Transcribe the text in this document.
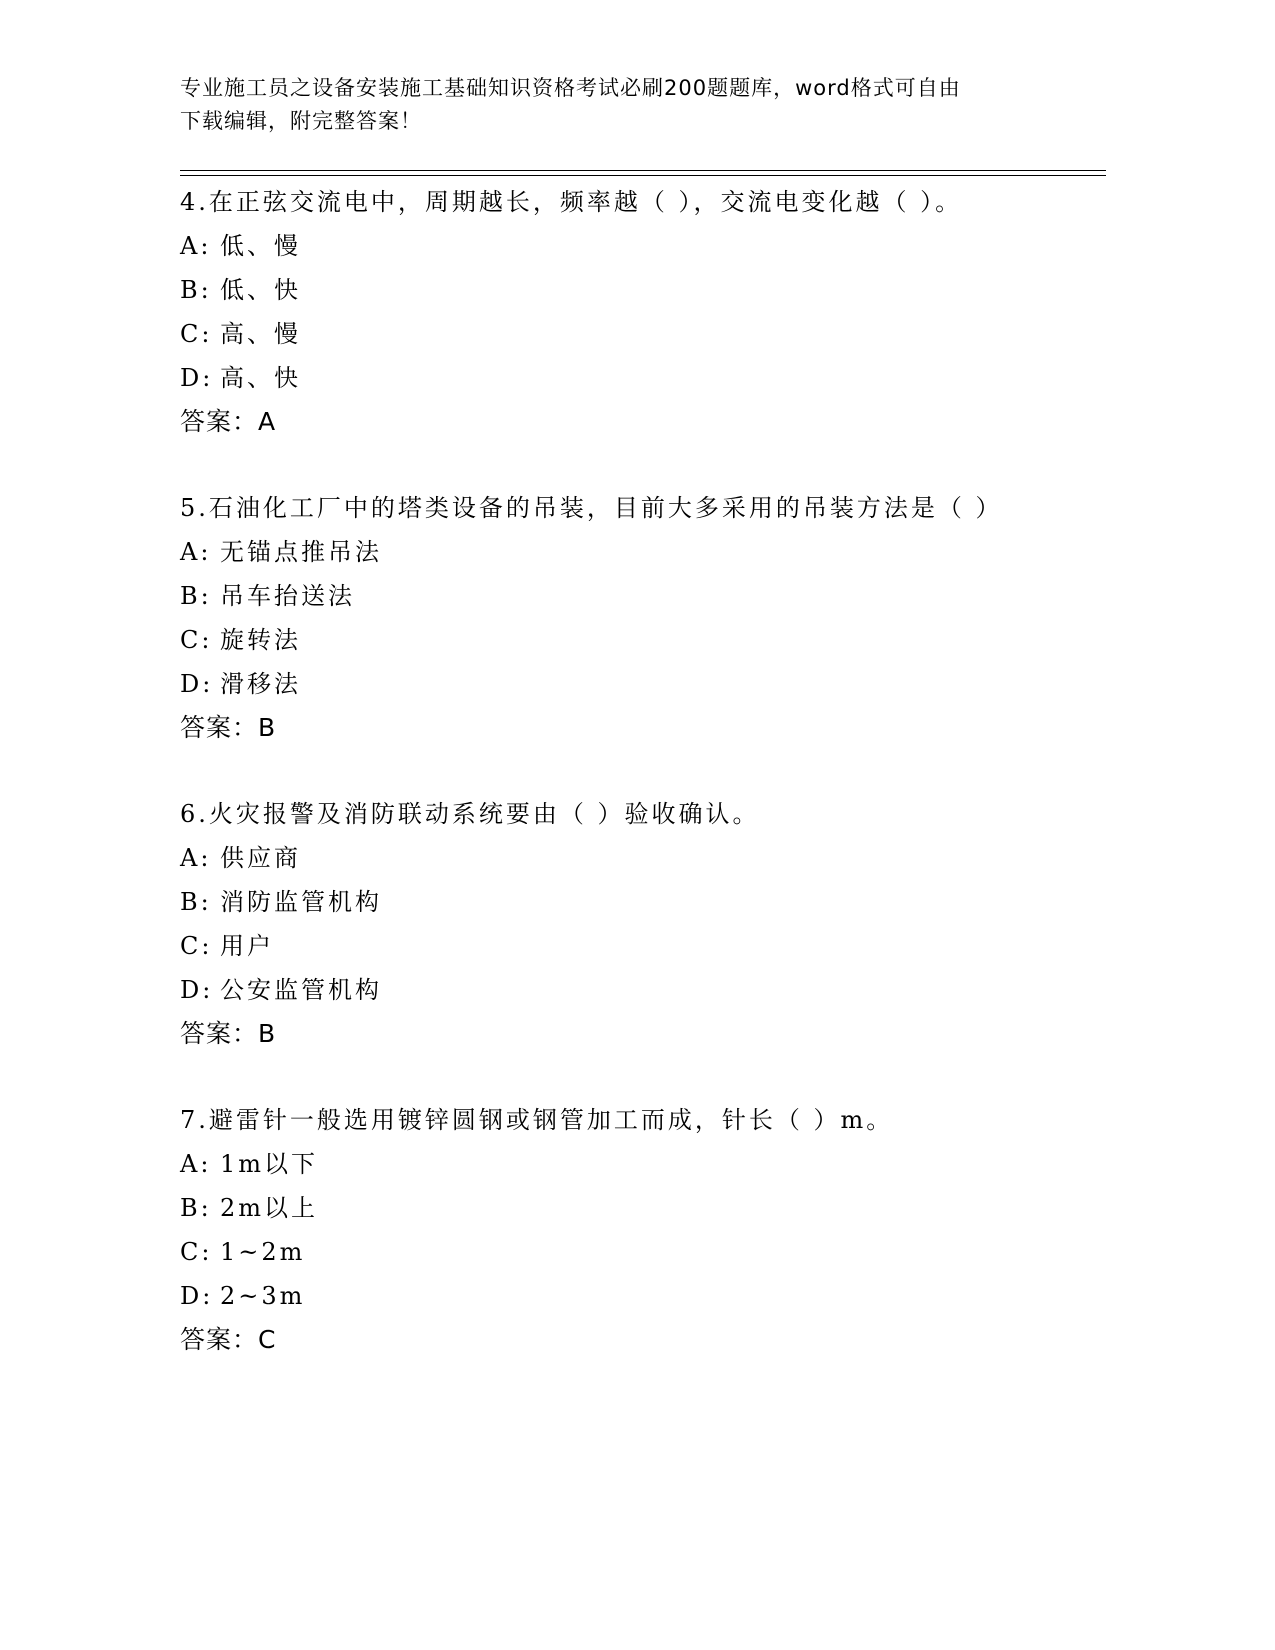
专业施工员之设备安装施工基础知识资格考试必刷200题题库，word格式可自由
下载编辑，附完整答案！
4.在正弦交流电中，周期越长，频率越（ ），交流电变化越（ ）。
A: 低、慢
B: 低、快
C: 高、慢
D: 高、快
答案：A
5.石油化工厂中的塔类设备的吊装，目前大多采用的吊装方法是（ ）
A: 无锚点推吊法
B: 吊车抬送法
C: 旋转法
D: 滑移法
答案：B
6.火灾报警及消防联动系统要由（ ）验收确认。
A: 供应商
B: 消防监管机构
C: 用户
D: 公安监管机构
答案：B
7.避雷针一般选用镀锌圆钢或钢管加工而成，针长（ ）m。
A: 1m以下
B: 2m以上
C: 1~2m
D: 2~3m
答案：C
